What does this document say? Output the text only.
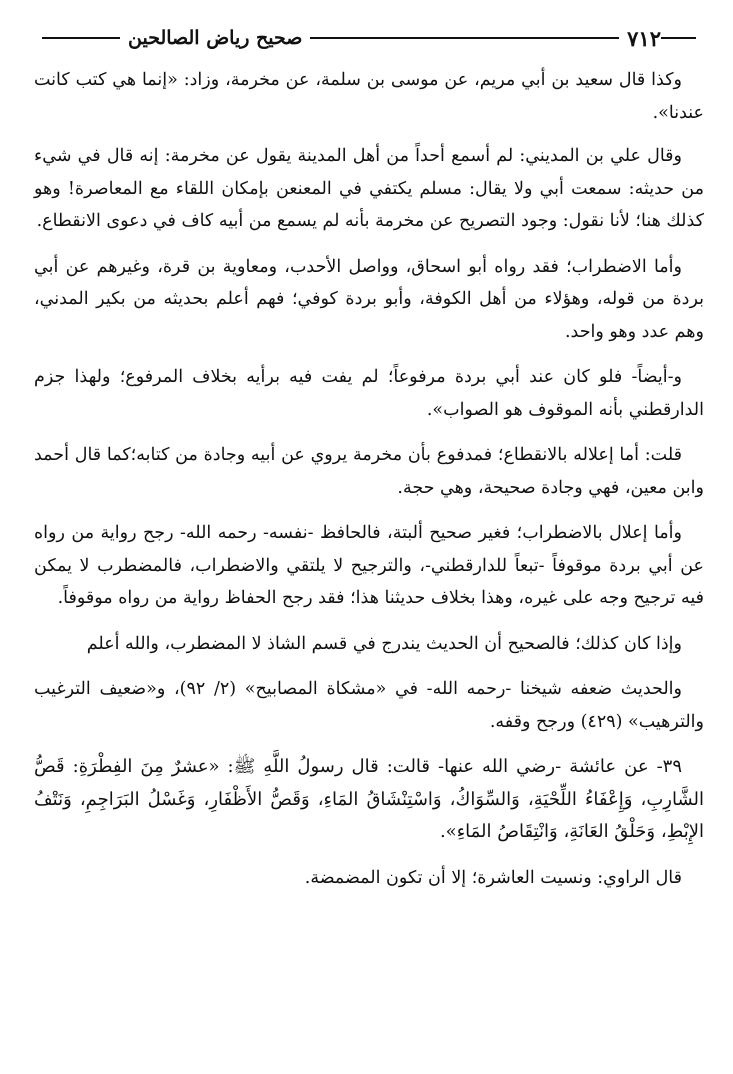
٧١٢
صحيح رياض الصالحين

وكذا قال سعيد بن أبي مريم، عن موسى بن سلمة، عن مخرمة، وزاد: «إنما هي كتب كانت عندنا».

وقال علي بن المديني: لم أسمع أحداً من أهل المدينة يقول عن مخرمة: إنه قال في شيء من حديثه: سمعت أبي ولا يقال: مسلم يكتفي في المعنعن بإمكان اللقاء مع المعاصرة! وهو كذلك هنا؛ لأنا نقول: وجود التصريح عن مخرمة بأنه لم يسمع من أبيه كاف في دعوى الانقطاع.

وأما الاضطراب؛ فقد رواه أبو اسحاق، وواصل الأحدب، ومعاوية بن قرة، وغيرهم عن أبي بردة من قوله، وهؤلاء من أهل الكوفة، وأبو بردة كوفي؛ فهم أعلم بحديثه من بكير المدني، وهم عدد وهو واحد.

و-أيضاً- فلو كان عند أبي بردة مرفوعاً؛ لم يفت فيه برأيه بخلاف المرفوع؛ ولهذا جزم الدارقطني بأنه الموقوف هو الصواب».

قلت: أما إعلاله بالانقطاع؛ فمدفوع بأن مخرمة يروي عن أبيه وجادة من كتابه؛كما قال أحمد وابن معين، فهي وجادة صحيحة، وهي حجة.

وأما إعلال بالاضطراب؛ فغير صحيح ألبتة، فالحافظ -نفسه- رحمه الله- رجح رواية من رواه عن أبي بردة موقوفاً -تبعاً للدارقطني-، والترجيح لا يلتقي والاضطراب، فالمضطرب لا يمكن فيه ترجيح وجه على غيره، وهذا بخلاف حديثنا هذا؛ فقد رجح الحفاظ رواية من رواه موقوفاً.

وإذا كان كذلك؛ فالصحيح أن الحديث يندرج في قسم الشاذ لا المضطرب، والله أعلم

والحديث ضعفه شيخنا -رحمه الله- في «مشكاة المصابيح» (٢/ ٩٢)، و«ضعيف الترغيب والترهيب» (٤٢٩) ورجح وقفه.

٣٩- عن عائشة -رضي الله عنها- قالت: قال رسولُ اللَّهِ ﷺ: «عشرٌ مِنَ الفِطْرَةِ: قَصُّ الشَّارِبِ، وَإِعْفَاءُ اللِّحْيَةِ، وَالسِّوَاكُ، وَاسْتِنْشَاقُ المَاءِ، وَقَصُّ الأَظْفَارِ، وَغَسْلُ البَرَاجِمِ، وَنَتْفُ الإِبْطِ، وَحَلْقُ العَانَةِ، وَانْتِقَاصُ المَاءِ».

قال الراوي: ونسيت العاشرة؛ إلا أن تكون المضمضة.
